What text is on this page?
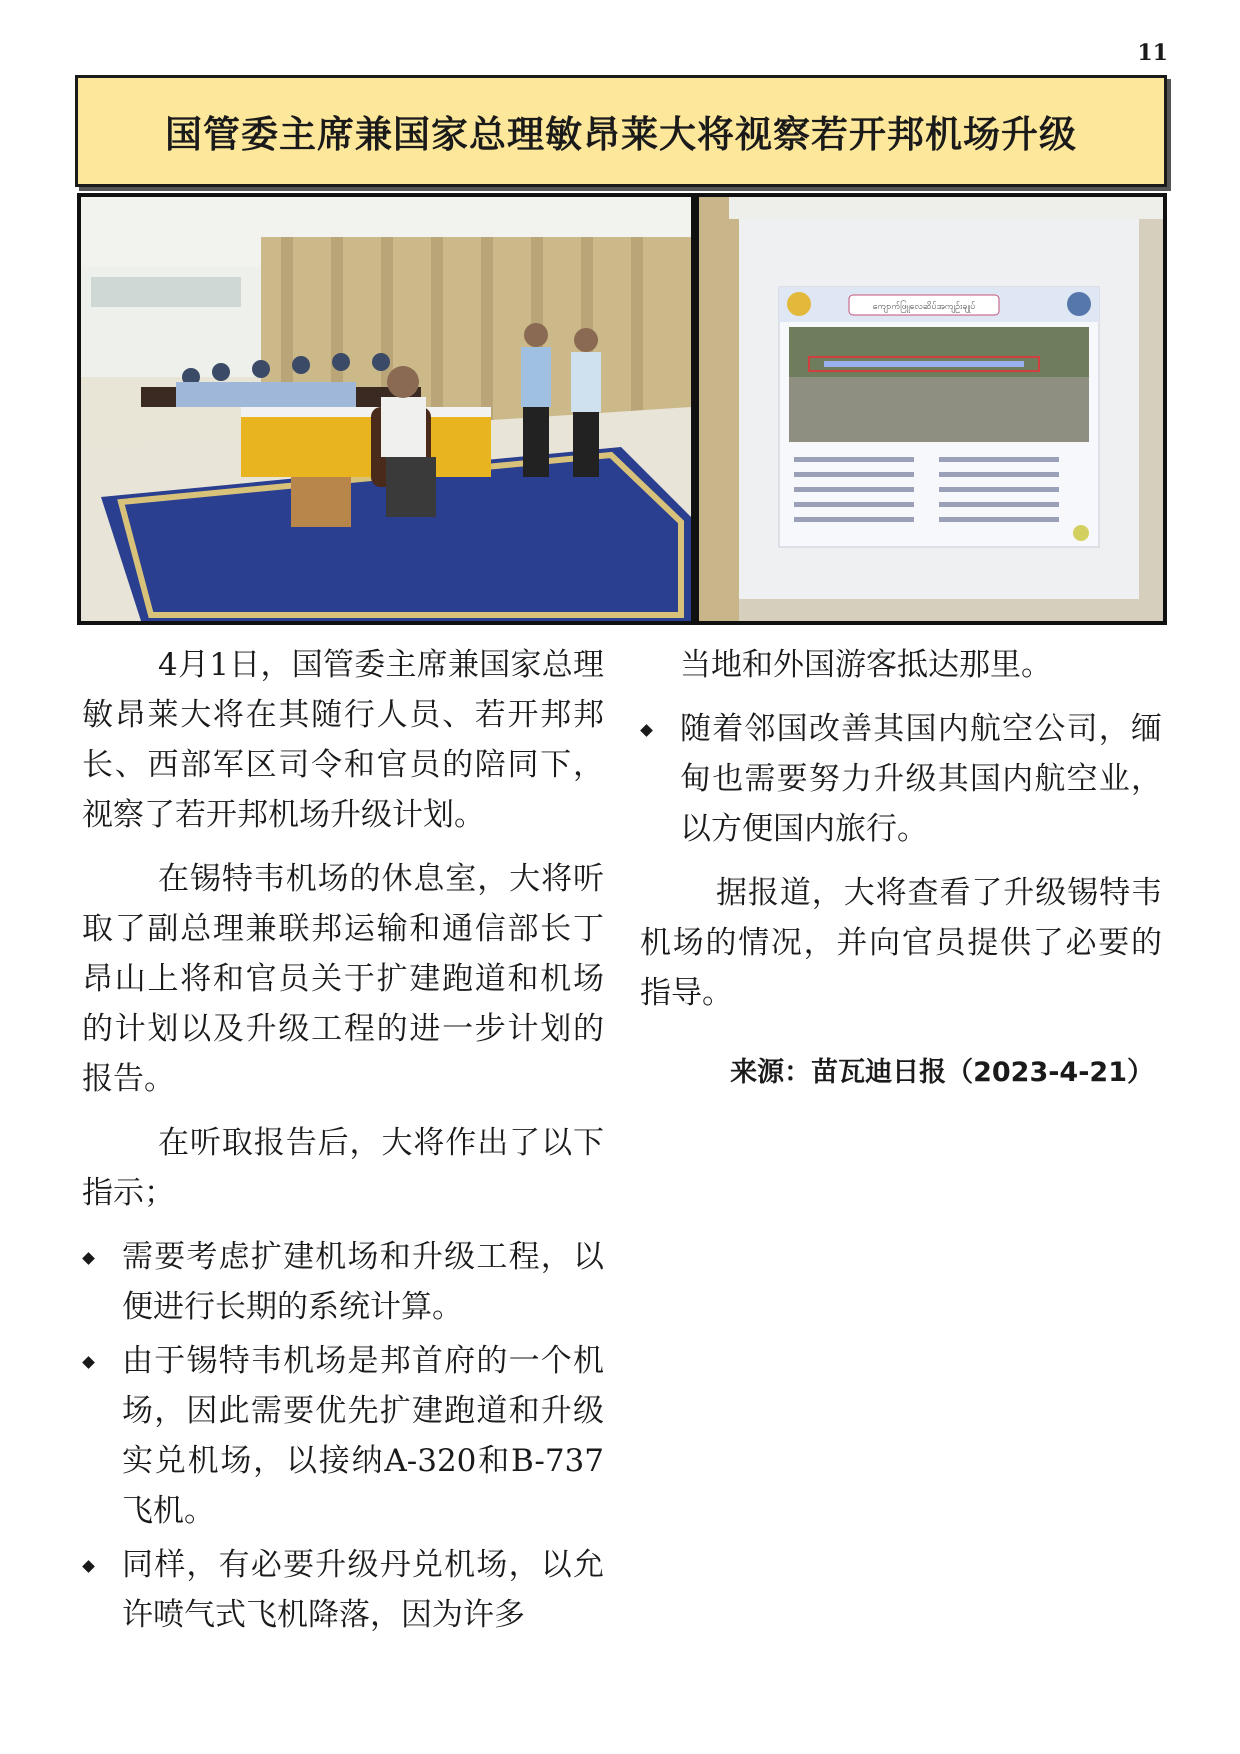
11
国管委主席兼国家总理敏昂莱大将视察若开邦机场升级
ကျောက်ဖြူလေဆိပ်အကျဉ်းချုပ်

4月1日，国管委主席兼国家总理敏昂莱大将在其随行人员、若开邦邦长、西部军区司令和官员的陪同下，视察了若开邦机场升级计划。

在锡特韦机场的休息室，大将听取了副总理兼联邦运输和通信部长丁昂山上将和官员关于扩建跑道和机场的计划以及升级工程的进一步计划的报告。

在听取报告后，大将作出了以下指示；

需要考虑扩建机场和升级工程，以便进行长期的系统计算。
由于锡特韦机场是邦首府的一个机场，因此需要优先扩建跑道和升级实兑机场，以接纳A-320和B-737飞机。
同样，有必要升级丹兑机场，以允许喷气式飞机降落，因为许多

当地和外国游客抵达那里。

随着邻国改善其国内航空公司，缅甸也需要努力升级其国内航空业，以方便国内旅行。

据报道，大将查看了升级锡特韦机场的情况，并向官员提供了必要的指导。

来源：苗瓦迪日报（2023-4-21）
